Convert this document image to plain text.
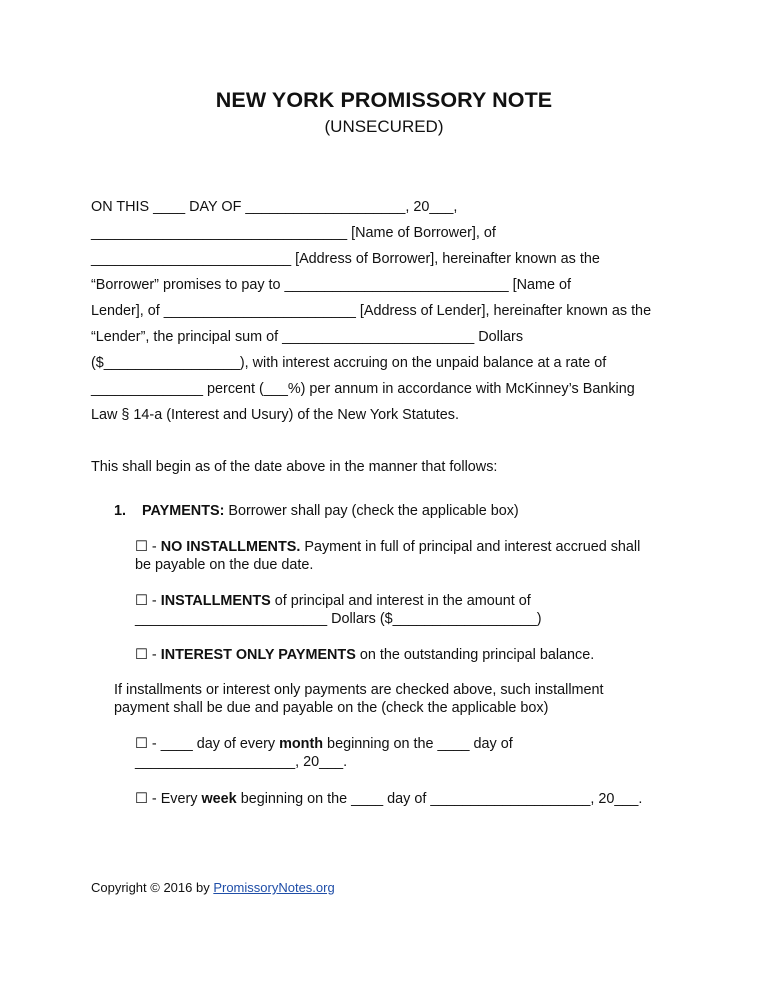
NEW YORK PROMISSORY NOTE
(UNSECURED)
ON THIS ____ DAY OF ____________________, 20___,
________________________________ [Name of Borrower], of
_________________________ [Address of Borrower], hereinafter known as the
“Borrower” promises to pay to ____________________________ [Name of
Lender], of ________________________ [Address of Lender], hereinafter known as the
“Lender”, the principal sum of ________________________ Dollars
($_________________), with interest accruing on the unpaid balance at a rate of
______________ percent (___%) per annum in accordance with McKinney’s Banking
Law § 14-a (Interest and Usury) of the New York Statutes.
This shall begin as of the date above in the manner that follows:
1. PAYMENTS: Borrower shall pay (check the applicable box)
☐ - NO INSTALLMENTS. Payment in full of principal and interest accrued shall
be payable on the due date.
☐ - INSTALLMENTS of principal and interest in the amount of
________________________ Dollars ($__________________)
☐ - INTEREST ONLY PAYMENTS on the outstanding principal balance.
If installments or interest only payments are checked above, such installment
payment shall be due and payable on the (check the applicable box)
☐ - ____ day of every month beginning on the ____ day of
____________________, 20___.
☐ - Every week beginning on the ____ day of ____________________, 20___.
Copyright © 2016 by PromissoryNotes.org
